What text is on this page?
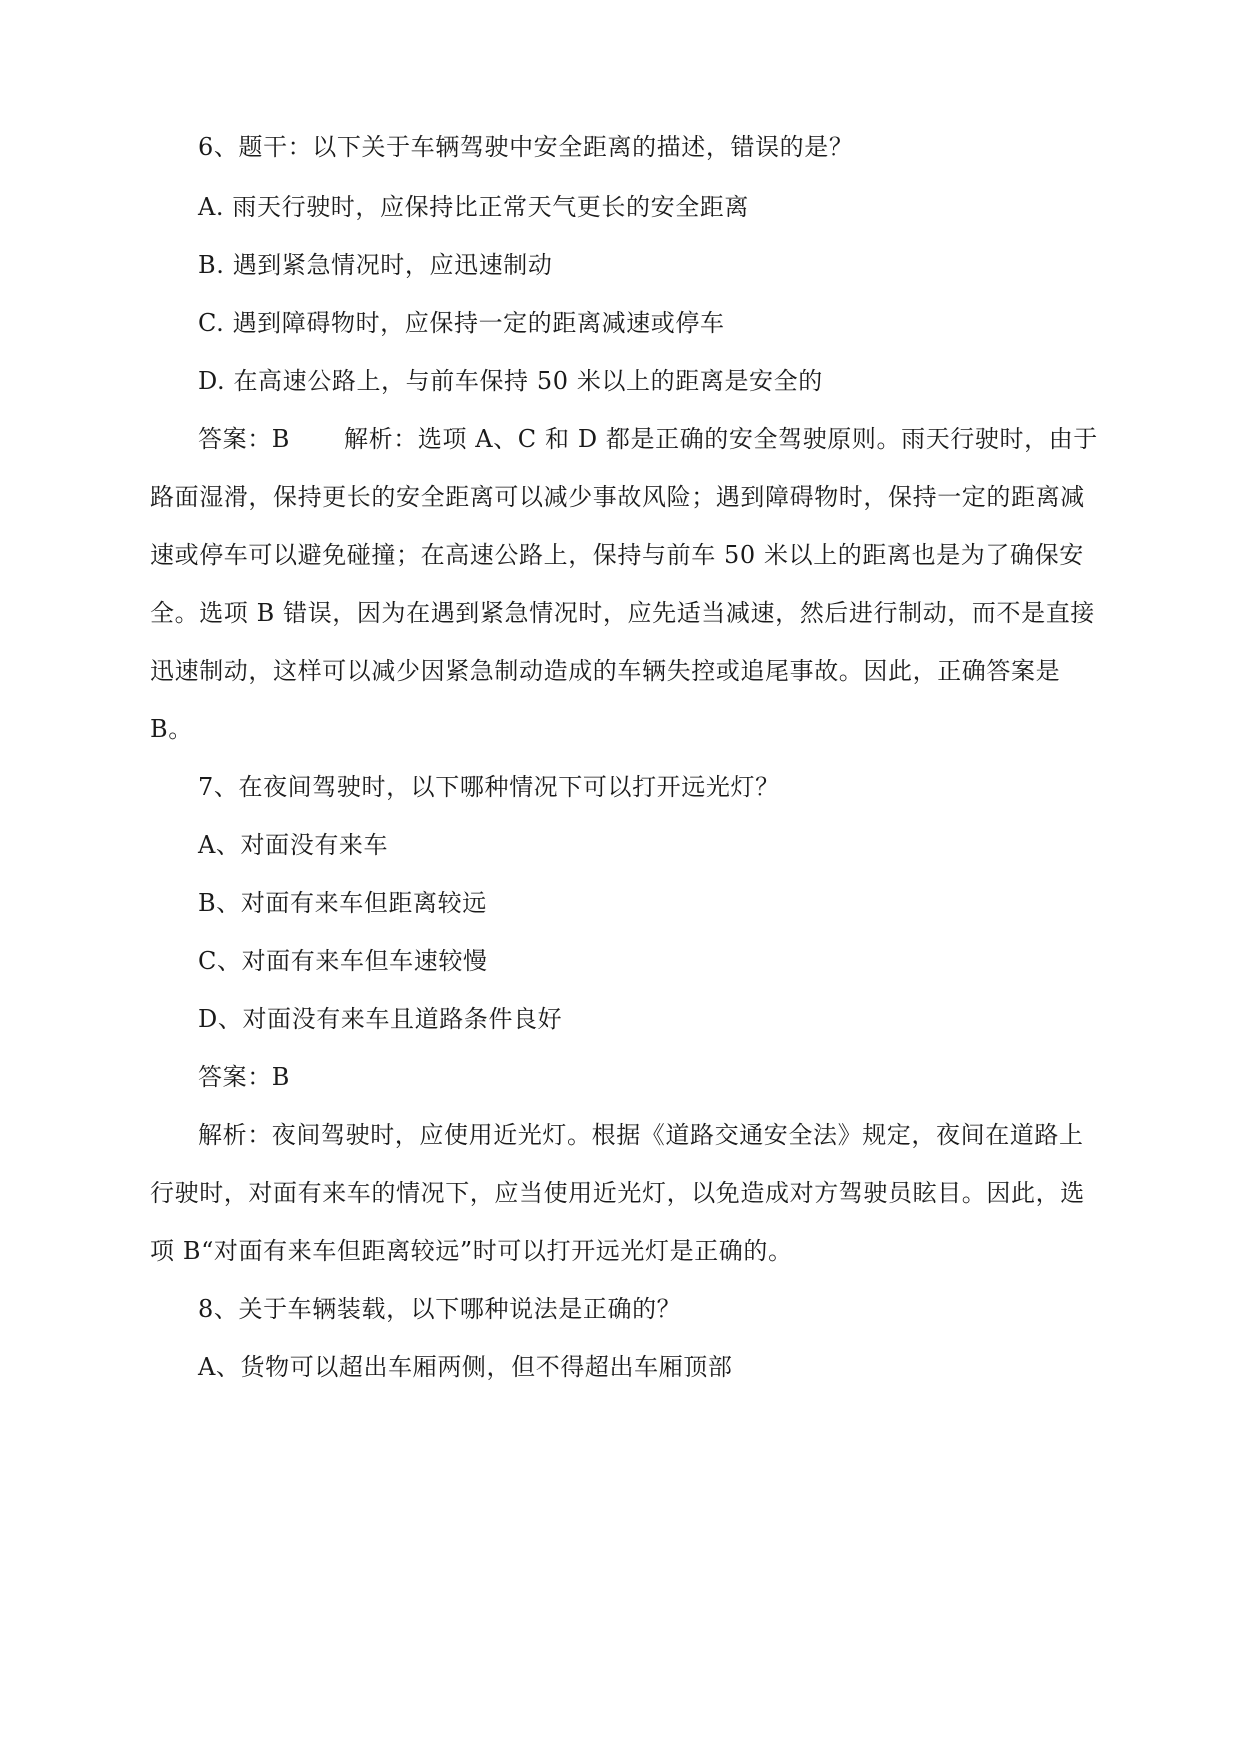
6、题干：以下关于车辆驾驶中安全距离的描述，错误的是？
A. 雨天行驶时，应保持比正常天气更长的安全距离
B. 遇到紧急情况时，应迅速制动
C. 遇到障碍物时，应保持一定的距离减速或停车
D. 在高速公路上，与前车保持 50 米以上的距离是安全的
答案：B 解析：选项 A、C 和 D 都是正确的安全驾驶原则。雨天行驶时，由于
路面湿滑，保持更长的安全距离可以减少事故风险；遇到障碍物时，保持一定的距离减
速或停车可以避免碰撞；在高速公路上，保持与前车 50 米以上的距离也是为了确保安
全。选项 B 错误，因为在遇到紧急情况时，应先适当减速，然后进行制动，而不是直接
迅速制动，这样可以减少因紧急制动造成的车辆失控或追尾事故。因此，正确答案是
B。
7、在夜间驾驶时，以下哪种情况下可以打开远光灯？
A、对面没有来车
B、对面有来车但距离较远
C、对面有来车但车速较慢
D、对面没有来车且道路条件良好
答案：B
解析：夜间驾驶时，应使用近光灯。根据《道路交通安全法》规定，夜间在道路上
行驶时，对面有来车的情况下，应当使用近光灯，以免造成对方驾驶员眩目。因此，选
项 B“对面有来车但距离较远”时可以打开远光灯是正确的。
8、关于车辆装载，以下哪种说法是正确的？
A、货物可以超出车厢两侧，但不得超出车厢顶部
